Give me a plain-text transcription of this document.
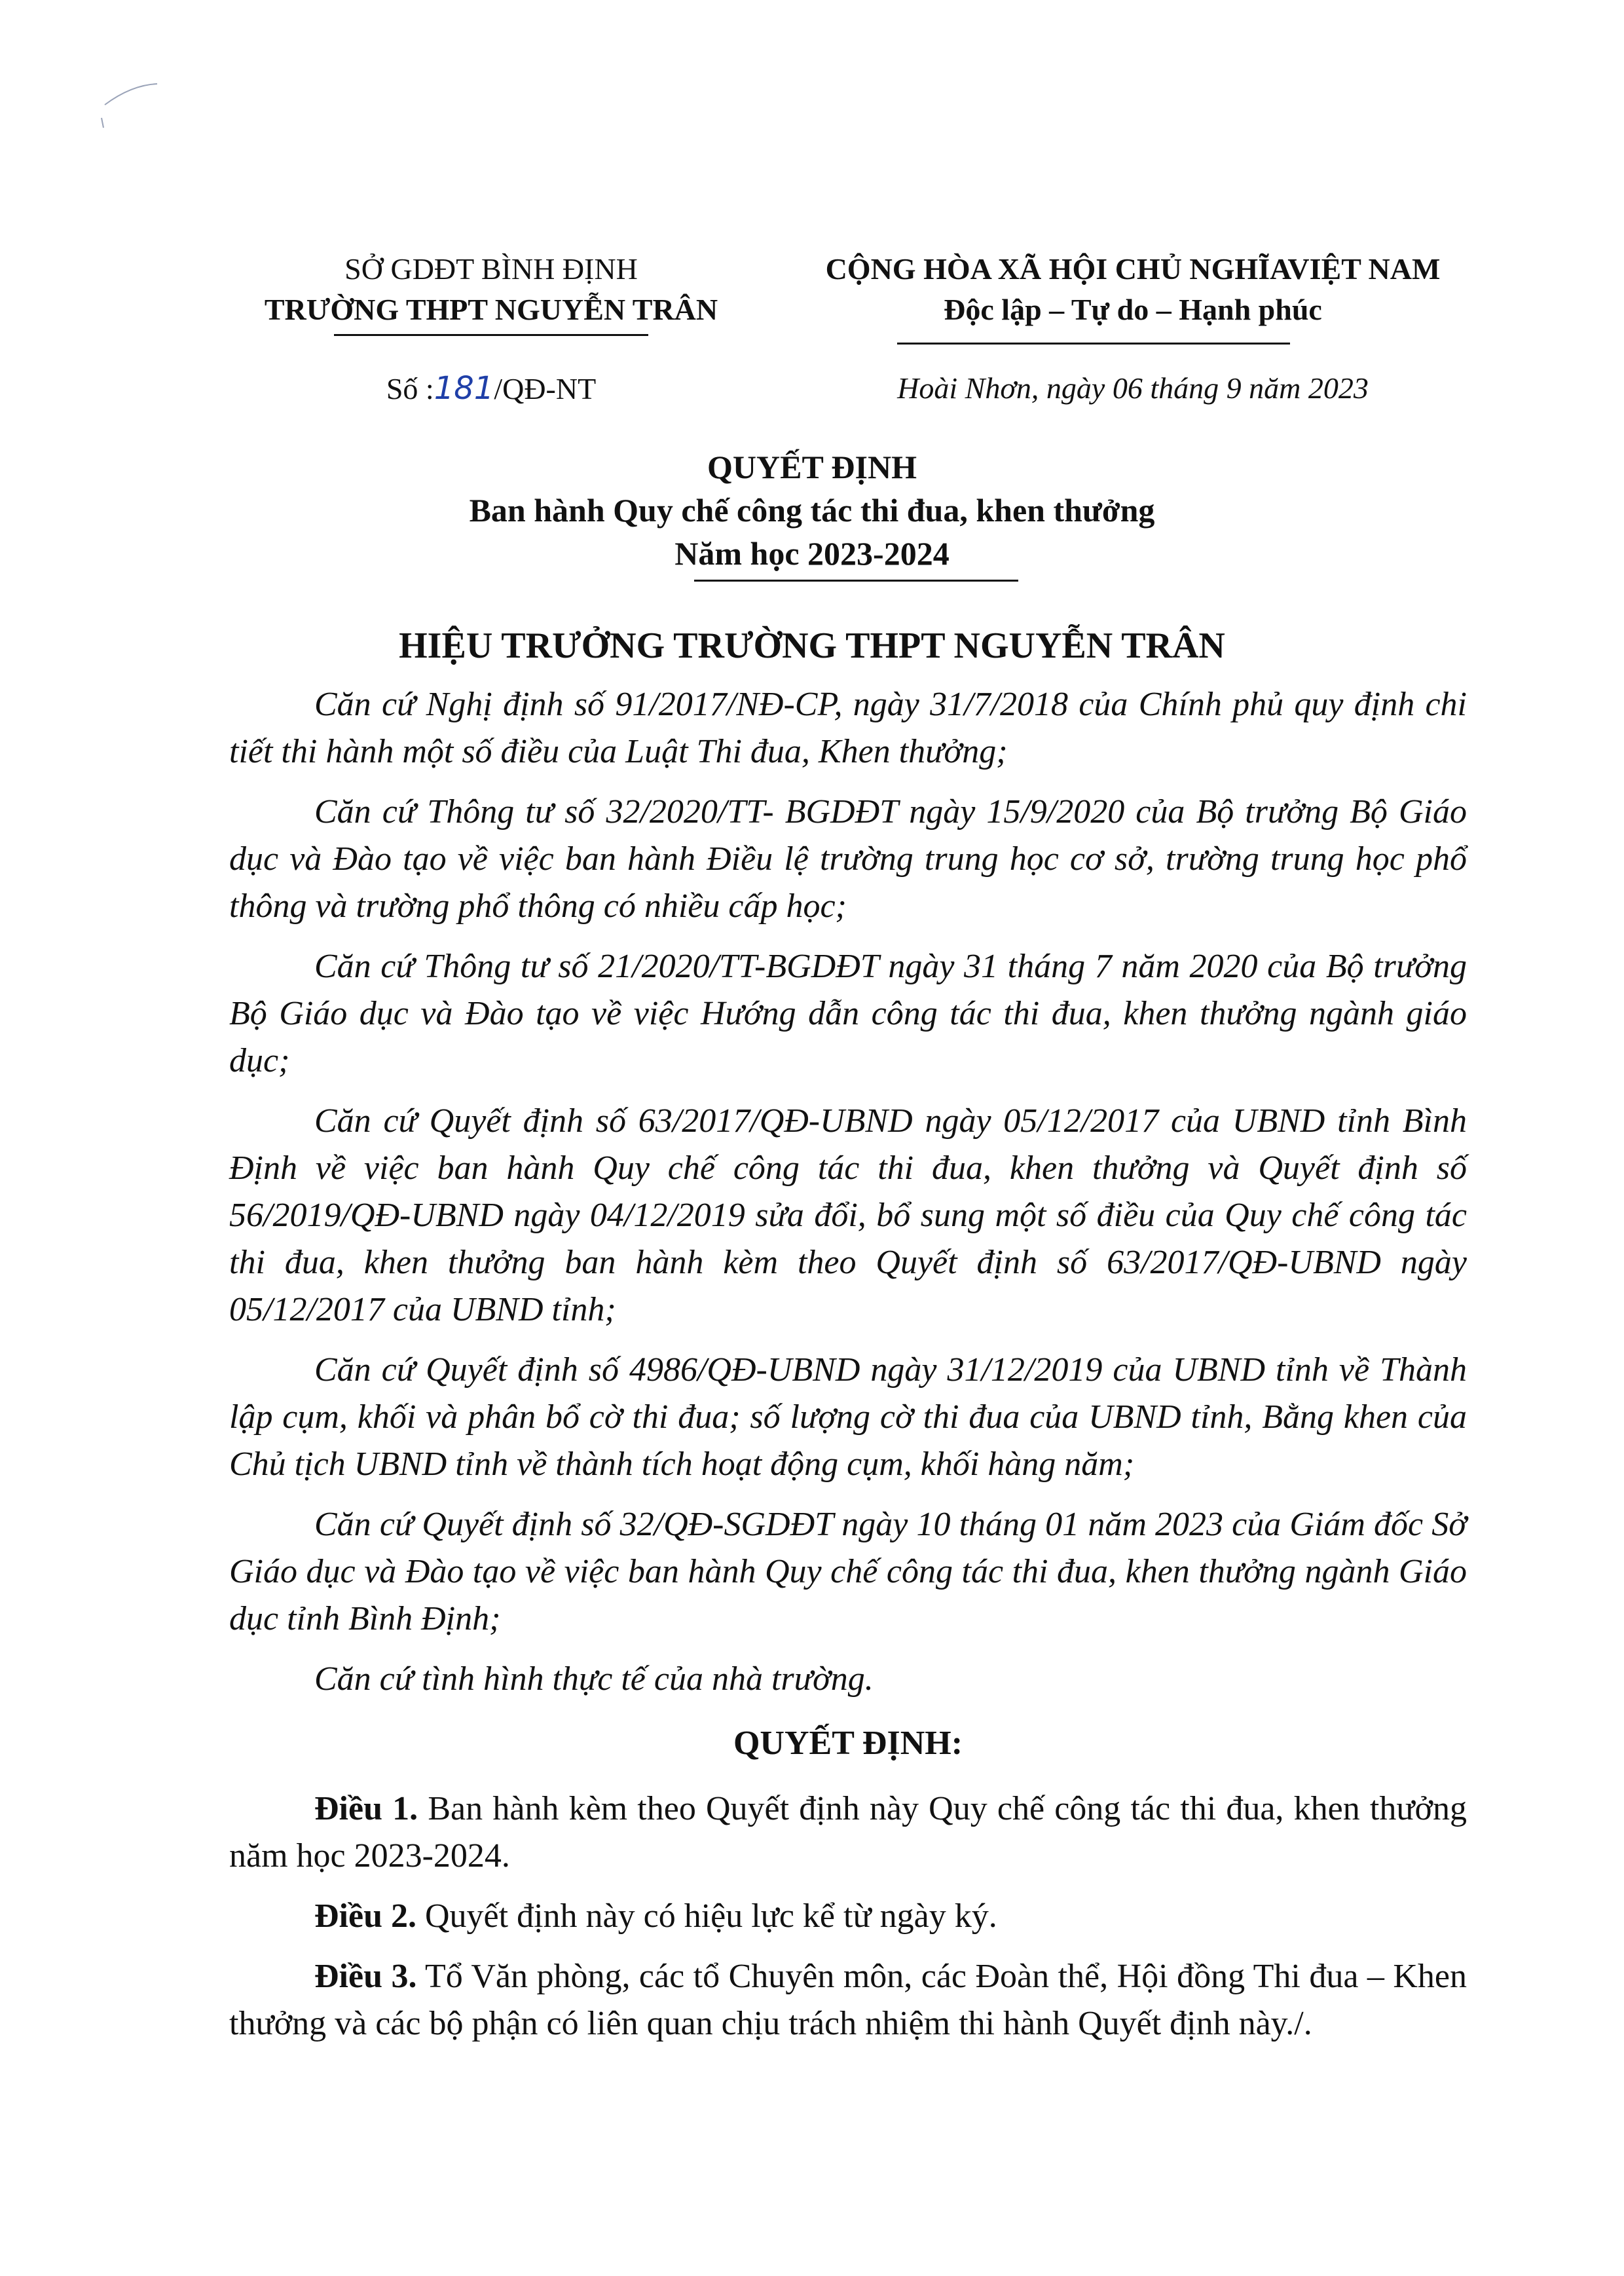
SỞ GDĐT BÌNH ĐỊNH
TRƯỜNG THPT NGUYỄN TRÂN
Số :181/QĐ-NT
CỘNG HÒA XÃ HỘI CHỦ NGHĨAVIỆT NAM
Độc lập – Tự do – Hạnh phúc
Hoài Nhơn, ngày 06 tháng 9 năm 2023
QUYẾT ĐỊNH
Ban hành Quy chế công tác thi đua, khen thưởng
Năm học 2023-2024
HIỆU TRƯỞNG TRƯỜNG THPT NGUYỄN TRÂN

Căn cứ Nghị định số 91/2017/NĐ-CP, ngày 31/7/2018 của Chính phủ quy định chi tiết thi hành một số điều của Luật Thi đua, Khen thưởng;

Căn cứ Thông tư số 32/2020/TT- BGDĐT ngày 15/9/2020 của Bộ trưởng Bộ Giáo dục và Đào tạo về việc ban hành Điều lệ trường trung học cơ sở, trường trung học phổ thông và trường phổ thông có nhiều cấp học;

Căn cứ Thông tư số 21/2020/TT-BGDĐT ngày 31 tháng 7 năm 2020 của Bộ trưởng Bộ Giáo dục và Đào tạo về việc Hướng dẫn công tác thi đua, khen thưởng ngành giáo dục;

Căn cứ Quyết định số 63/2017/QĐ-UBND ngày 05/12/2017 của UBND tỉnh Bình Định về việc ban hành Quy chế công tác thi đua, khen thưởng và Quyết định số 56/2019/QĐ-UBND ngày 04/12/2019 sửa đổi, bổ sung một số điều của Quy chế công tác thi đua, khen thưởng ban hành kèm theo Quyết định số 63/2017/QĐ-UBND ngày 05/12/2017 của UBND tỉnh;

Căn cứ Quyết định số 4986/QĐ-UBND ngày 31/12/2019 của UBND tỉnh về Thành lập cụm, khối và phân bổ cờ thi đua; số lượng cờ thi đua của UBND tỉnh, Bằng khen của Chủ tịch UBND tỉnh về thành tích hoạt động cụm, khối hàng năm;

Căn cứ Quyết định số 32/QĐ-SGDĐT ngày 10 tháng 01 năm 2023 của Giám đốc Sở Giáo dục và Đào tạo về việc ban hành Quy chế công tác thi đua, khen thưởng ngành Giáo dục tỉnh Bình Định;

Căn cứ tình hình thực tế của nhà trường.

QUYẾT ĐỊNH:

Điều 1. Ban hành kèm theo Quyết định này Quy chế công tác thi đua, khen thưởng năm học 2023-2024.

Điều 2. Quyết định này có hiệu lực kể từ ngày ký.

Điều 3. Tổ Văn phòng, các tổ Chuyên môn, các Đoàn thể, Hội đồng Thi đua – Khen thưởng và các bộ phận có liên quan chịu trách nhiệm thi hành Quyết định này./.
